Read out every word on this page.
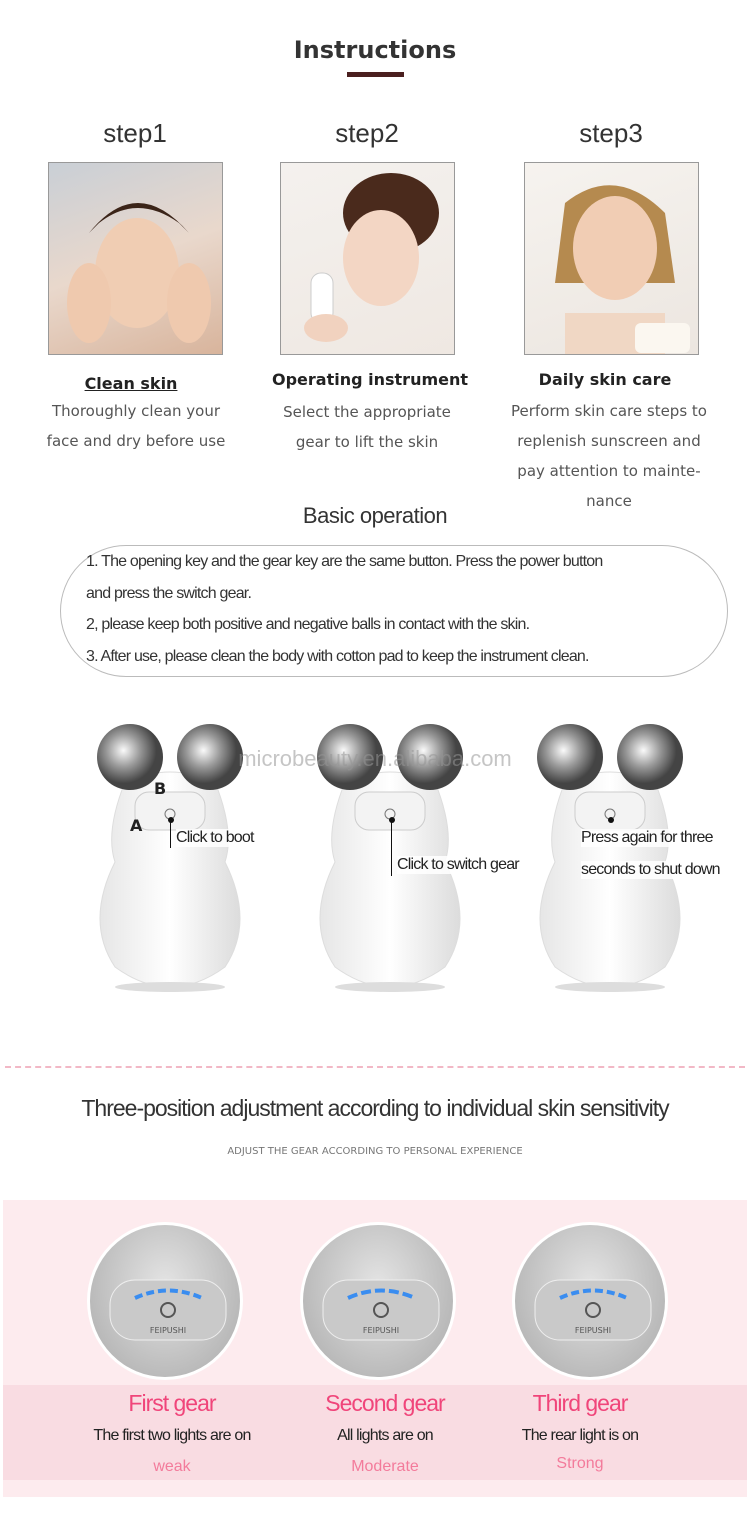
Instructions
step1	step2	step3
Clean skin
Thoroughly clean your
face and dry before use
Operating instrument
Select the appropriate
gear to lift the skin
Daily skin care
Perform skin care steps to
replenish sunscreen and
pay attention to mainte-
nance
Basic operation
1. The opening key and the gear key are the same button. Press the power button
and press the switch gear.
2, please keep both positive and negative balls in contact with the skin.
3. After use, please clean the body with cotton pad to keep the instrument clean.
microbeauty.en.alibaba.com
B
A
Click to boot
Click to switch gear
Press again for three
seconds to shut down
Three-position adjustment according to individual skin sensitivity
ADJUST THE GEAR ACCORDING TO PERSONAL EXPERIENCE
FEIPUSHI	FEIPUSHI	FEIPUSHI
First gear
The first two lights are on
weak
Second gear
All lights are on
Moderate
Third gear
The rear light is on
Strong
